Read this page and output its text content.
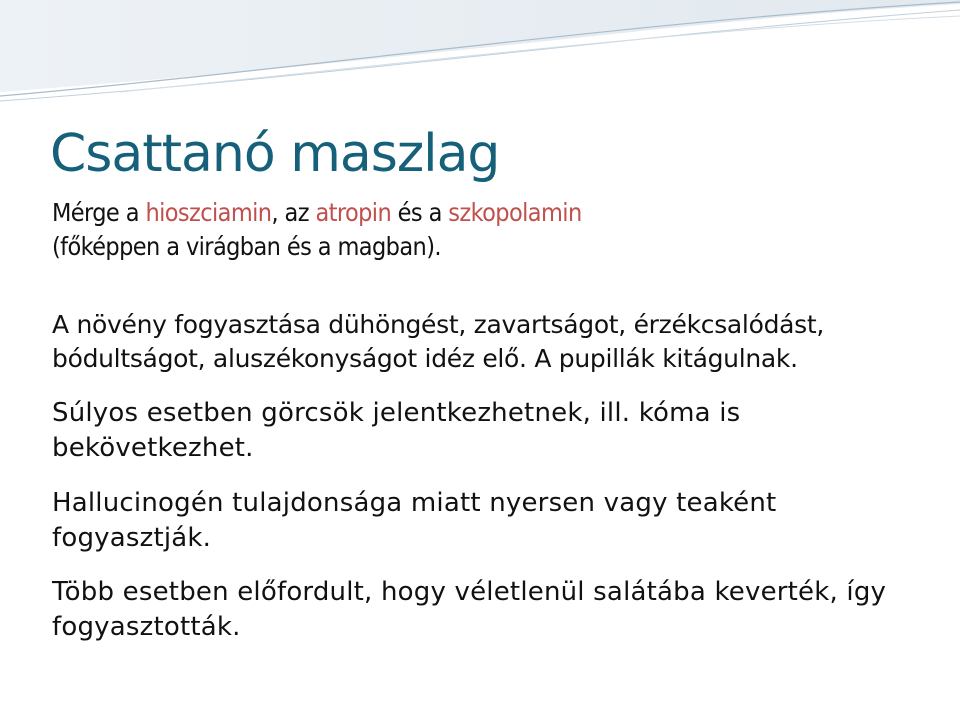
Csattanó maszlag

Mérge a hioszciamin, az atropin és a szkopolamin
(főképpen a virágban és a magban).

A növény fogyasztása dühöngést, zavartságot, érzékcsalódást, bódultságot, aluszékonyságot idéz elő. A pupillák kitágulnak.

Súlyos esetben görcsök jelentkezhetnek, ill. kóma is bekövetkezhet.

Hallucinogén tulajdonsága miatt nyersen vagy teaként fogyasztják.

Több esetben előfordult, hogy véletlenül salátába keverték, így fogyasztották.
